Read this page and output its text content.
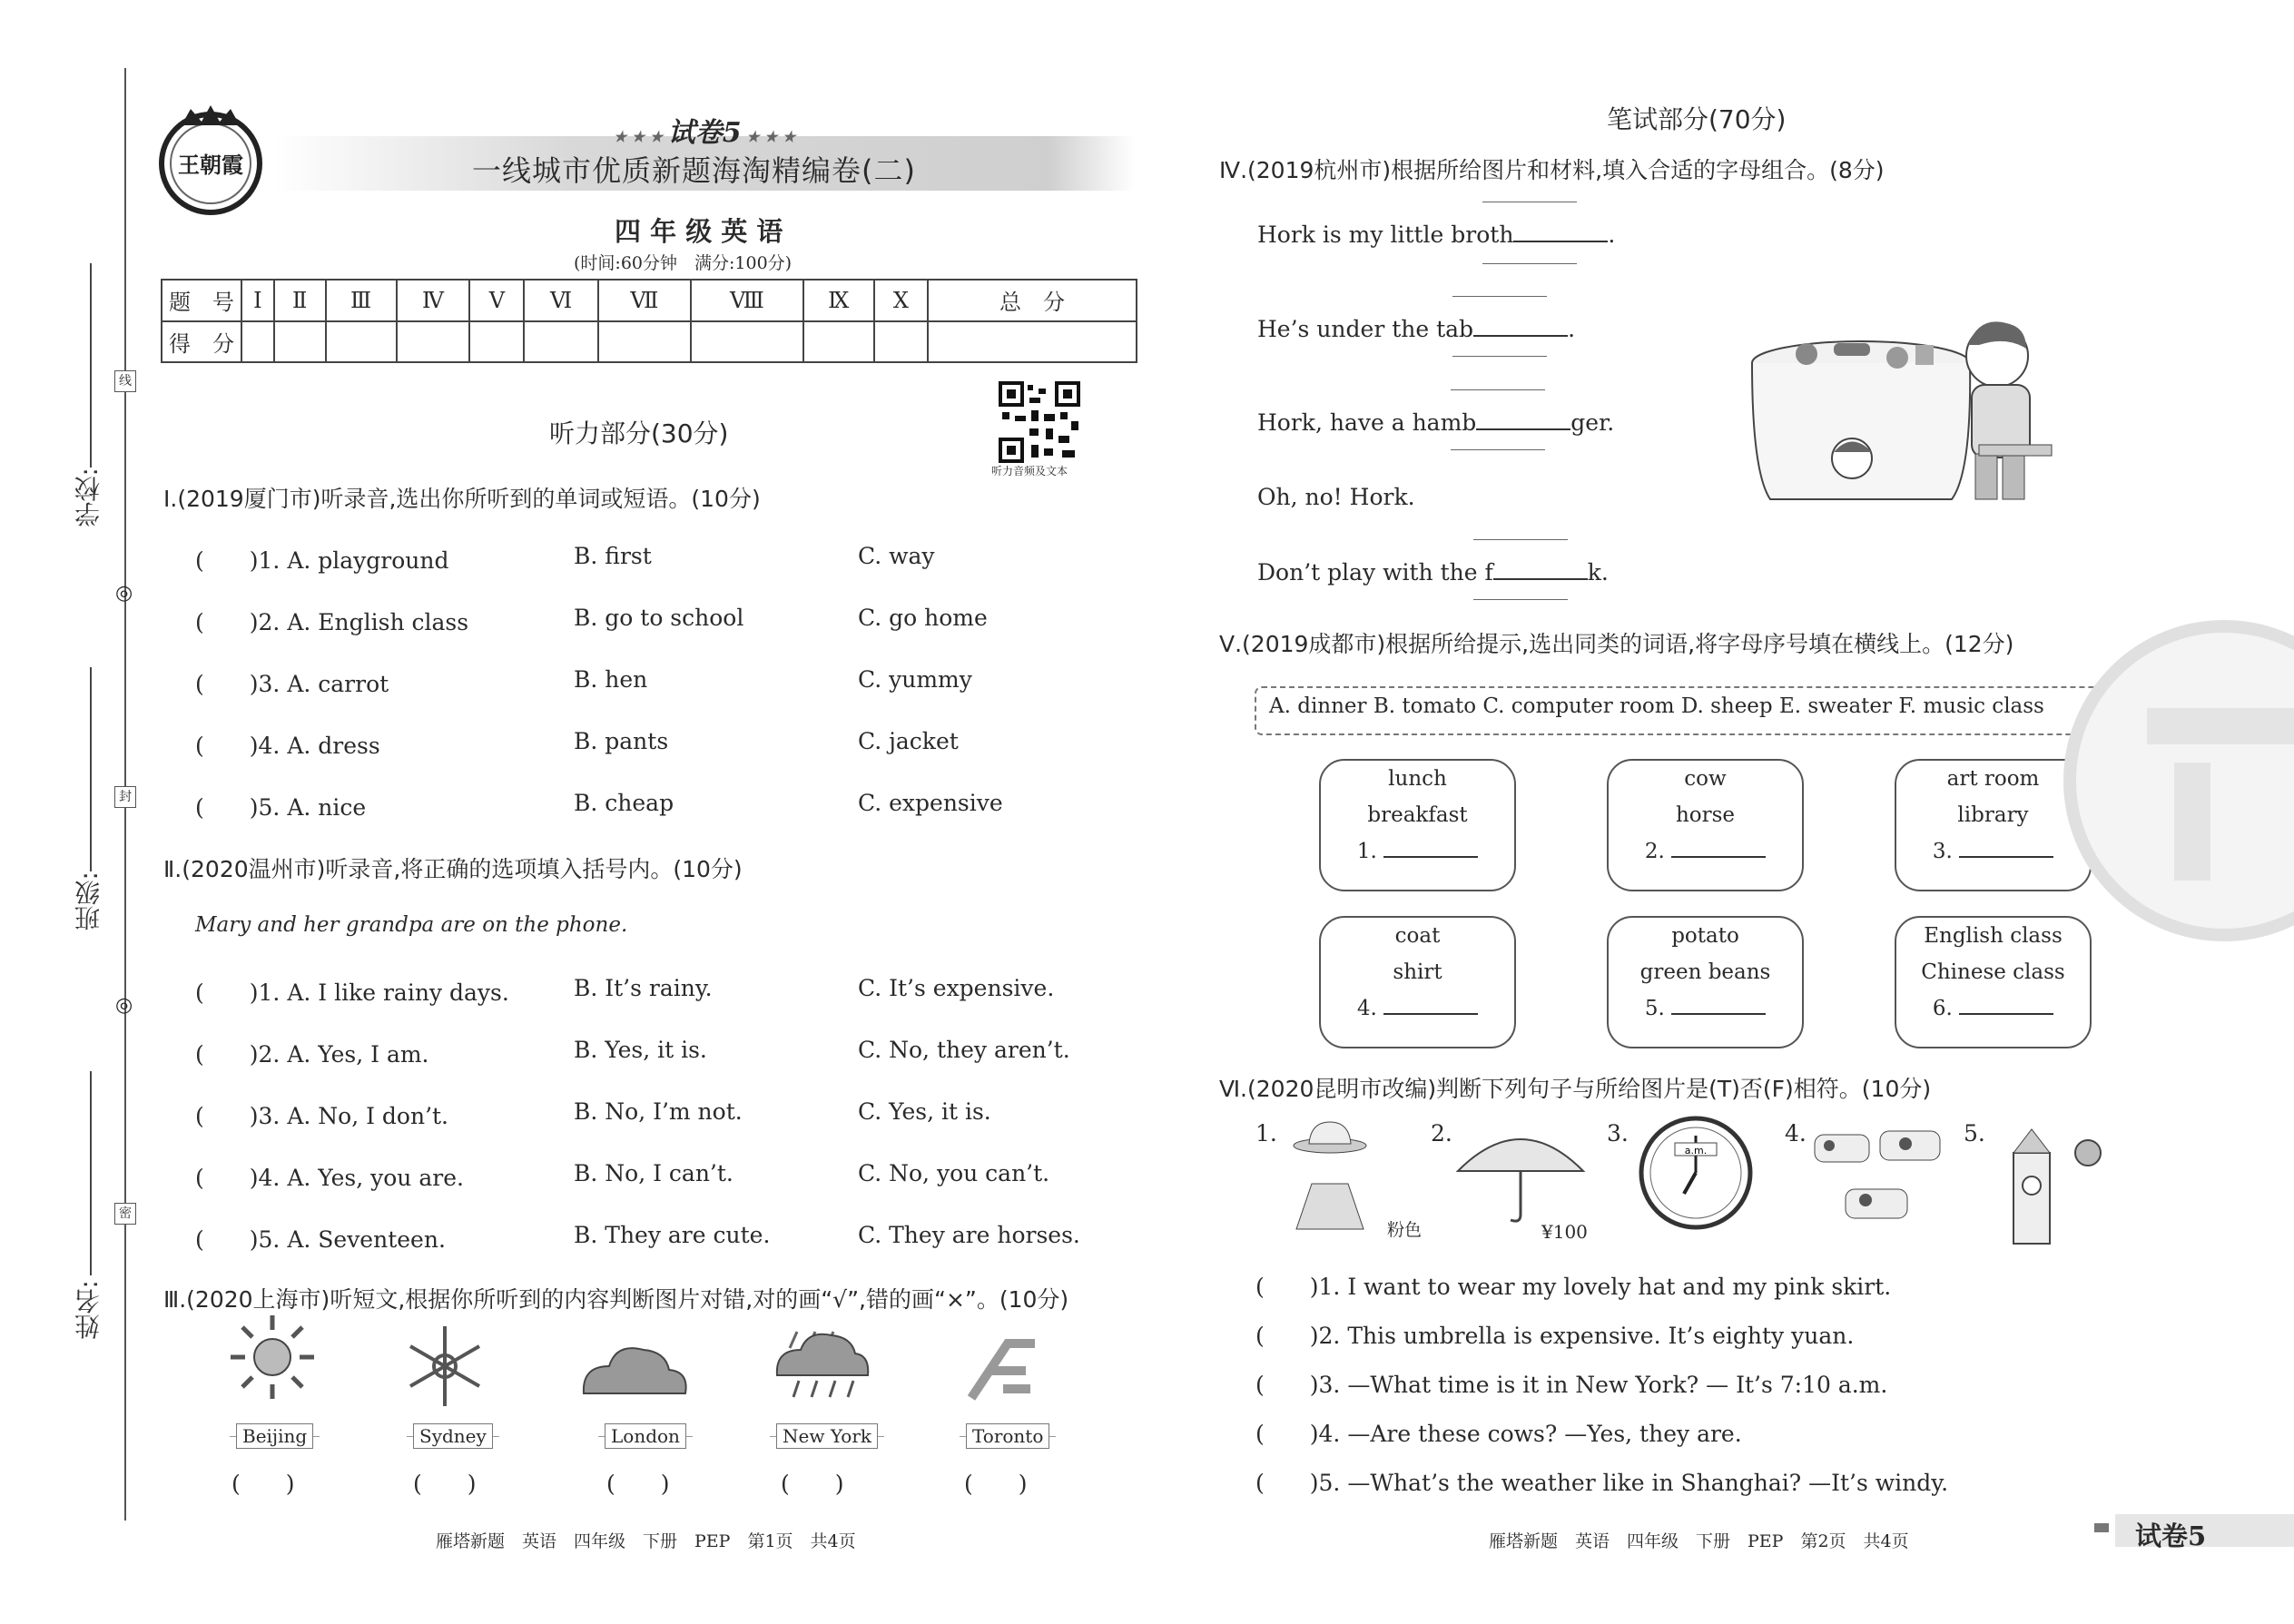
线
封
密
◎
◎
学校:
班级:
姓名:
王朝霞
★ ★ ★ 试卷5 ★ ★ ★
一线城市优质新题海淘精编卷(二)
四 年 级 英 语
(时间:60分钟　满分:100分)
题　号	Ⅰ	Ⅱ	Ⅲ	Ⅳ	Ⅴ	Ⅵ	Ⅶ	Ⅷ	Ⅸ	Ⅹ	总　分
得　分											
听力音频及文本
听力部分(30分)
Ⅰ.(2019厦门市)听录音,选出你所听到的单词或短语。(10分)
(　　)1. A. playground	B. first	C. way
(　　)2. A. English class	B. go to school	C. go home
(　　)3. A. carrot	B. hen	C. yummy
(　　)4. A. dress	B. pants	C. jacket
(　　)5. A. nice	B. cheap	C. expensive
Ⅱ.(2020温州市)听录音,将正确的选项填入括号内。(10分)
Mary and her grandpa are on the phone.
(　　)1. A. I like rainy days.	B. It’s rainy.	C. It’s expensive.
(　　)2. A. Yes, I am.	B. Yes, it is.	C. No, they aren’t.
(　　)3. A. No, I don’t.	B. No, I’m not.	C. Yes, it is.
(　　)4. A. Yes, you are.	B. No, I can’t.	C. No, you can’t.
(　　)5. A. Seventeen.	B. They are cute.	C. They are horses.
Ⅲ.(2020上海市)听短文,根据你所听到的内容判断图片对错,对的画“√”,错的画“×”。(10分)
Beijing	Sydney	London	New York	Toronto
(　　)	(　　)	(　　)	(　　)	(　　)
雁塔新题　英语　四年级　下册　PEP　第1页　共4页
笔试部分(70分)
Ⅳ.(2019杭州市)根据所给图片和材料,填入合适的字母组合。(8分)
Hork is my little broth	.
He’s under the tab	.
Hork, have a hamb	ger.
Oh, no! Hork.
Don’t play with the f	k.
Ⅴ.(2019成都市)根据所给提示,选出同类的词语,将字母序号填在横线上。(12分)
A. dinner B. tomato C. computer room D. sheep E. sweater F. music class
lunch
breakfast
1.
cow
horse
2.
art room
library
3.
coat
shirt
4.
potato
green beans
5.
English class
Chinese class
6.
Ⅵ.(2020昆明市改编)判断下列句子与所给图片是(T)否(F)相符。(10分)
1.
粉色
2.
¥100
3.
a.m.
4.	5.
(　　)1. I want to wear my lovely hat and my pink skirt.
(　　)2. This umbrella is expensive. It’s eighty yuan.
(　　)3. —What time is it in New York? — It’s 7:10 a.m.
(　　)4. —Are these cows? —Yes, they are.
(　　)5. —What’s the weather like in Shanghai? —It’s windy.
雁塔新题　英语　四年级　下册　PEP　第2页　共4页	试卷5
